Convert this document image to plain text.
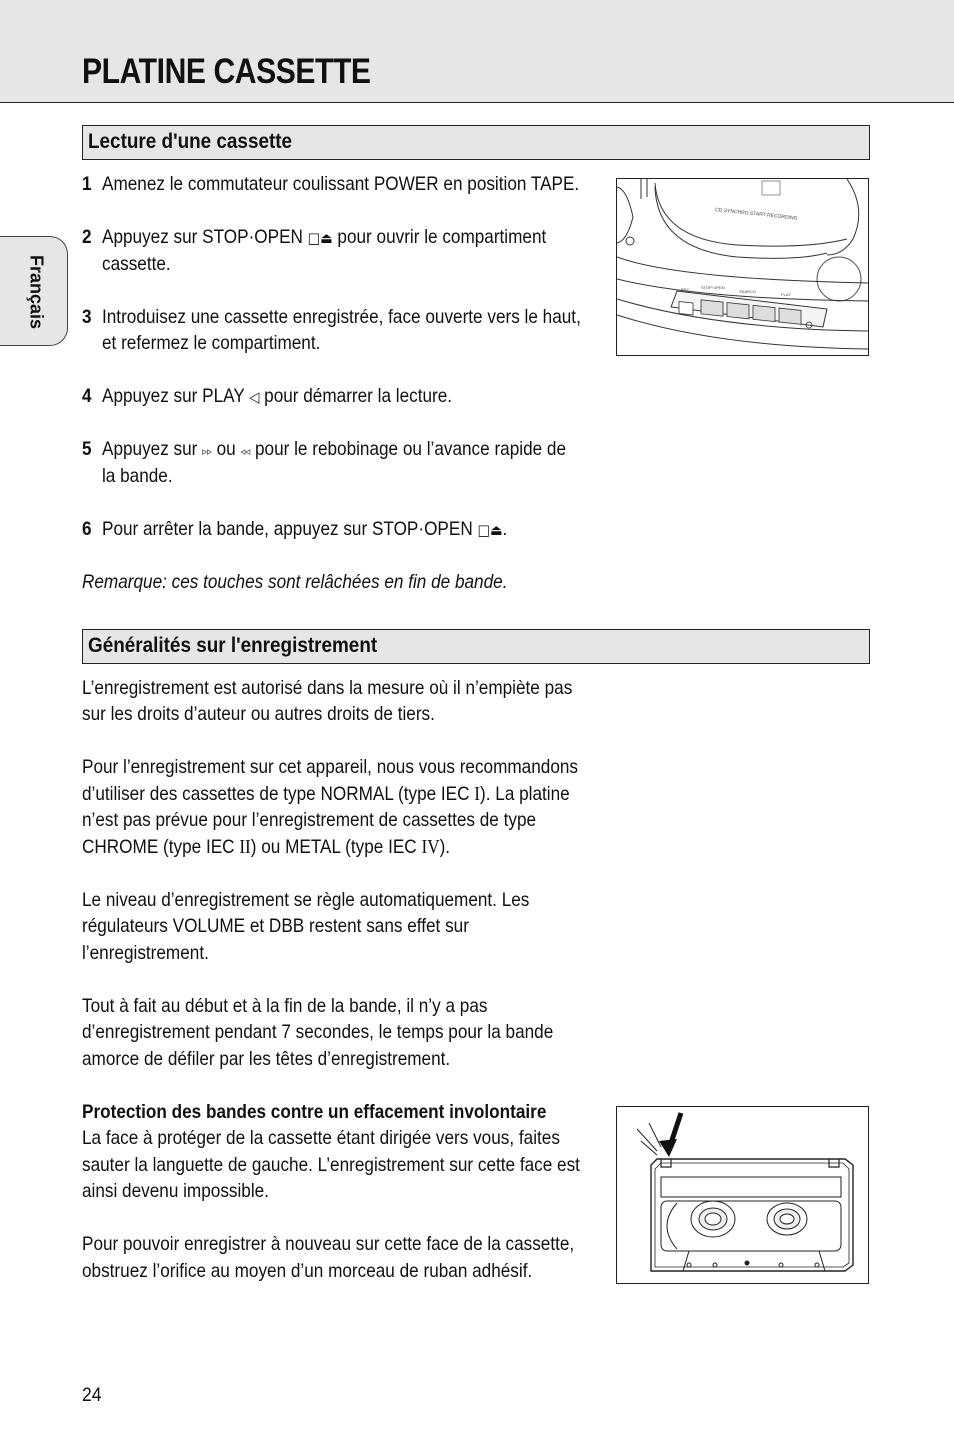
PLATINE CASSETTE
Français
Lecture d'une cassette
1 Amenez le commutateur coulissant POWER en position TAPE.
2 Appuyez sur STOP·OPEN □⏏ pour ouvrir le compartiment
cassette.
3 Introduisez une cassette enregistrée, face ouverte vers le haut,
et refermez le compartiment.
4 Appuyez sur PLAY ◁ pour démarrer la lecture.
5 Appuyez sur ▹▹ ou ◃◃ pour le rebobinage ou l’avance rapide de
la bande.
6 Pour arrêter la bande, appuyez sur STOP·OPEN □⏏.
Remarque: ces touches sont relâchées en fin de bande.
CD SYNCHRO START RECORDING
REC	STOP·OPEN
SEARCH
PLAY
Généralités sur l'enregistrement
L’enregistrement est autorisé dans la mesure où il n’empiète pas
sur les droits d’auteur ou autres droits de tiers.
Pour l’enregistrement sur cet appareil, nous vous recommandons
d’utiliser des cassettes de type NORMAL (type IEC I). La platine
n’est pas prévue pour l’enregistrement de cassettes de type
CHROME (type IEC II) ou METAL (type IEC IV).
Le niveau d’enregistrement se règle automatiquement. Les
régulateurs VOLUME et DBB restent sans effet sur
l’enregistrement.
Tout à fait au début et à la fin de la bande, il n’y a pas
d’enregistrement pendant 7 secondes, le temps pour la bande
amorce de défiler par les têtes d’enregistrement.
Protection des bandes contre un effacement involontaire
La face à protéger de la cassette étant dirigée vers vous, faites
sauter la languette de gauche. L’enregistrement sur cette face est
ainsi devenu impossible.
Pour pouvoir enregistrer à nouveau sur cette face de la cassette,
obstruez l’orifice au moyen d’un morceau de ruban adhésif.
24
